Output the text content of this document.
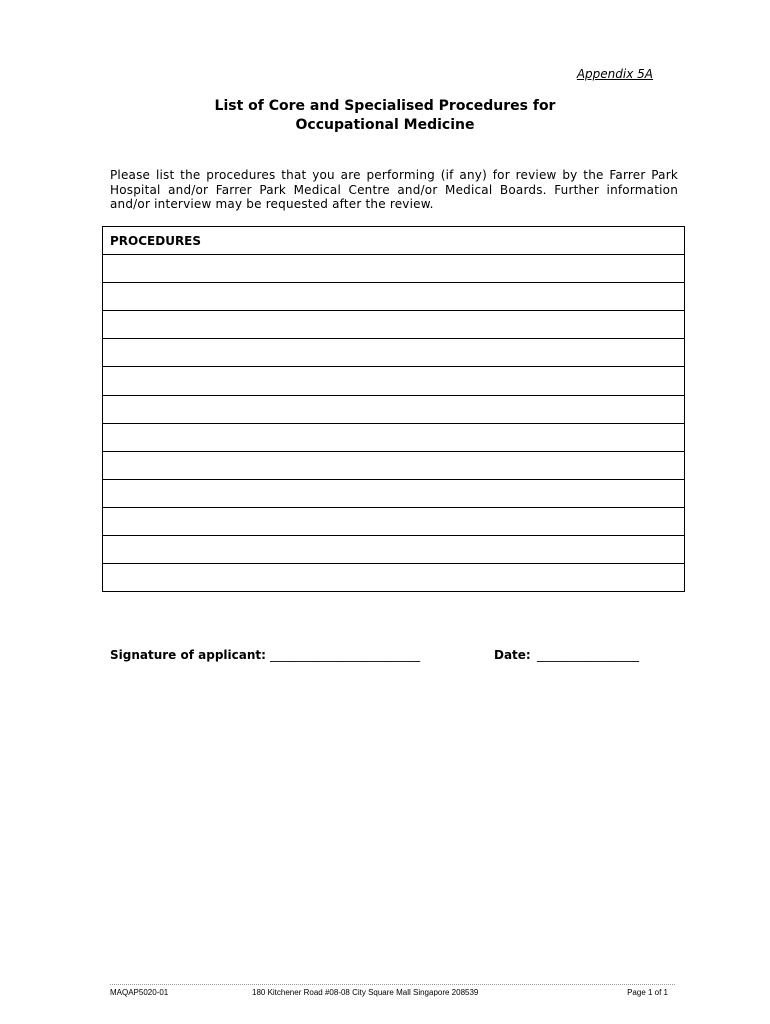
Appendix 5A
List of Core and Specialised Procedures for
Occupational Medicine
Please list the procedures that you are performing (if any) for review by the Farrer Park Hospital and/or Farrer Park Medical Centre and/or Medical Boards. Further information and/or interview may be requested after the review.
PROCEDURES
Signature of applicant: _________________________	Date: _________________
MAQAP5020-01	180 Kitchener Road #08-08 City Square Mall Singapore 208539	Page 1 of 1
